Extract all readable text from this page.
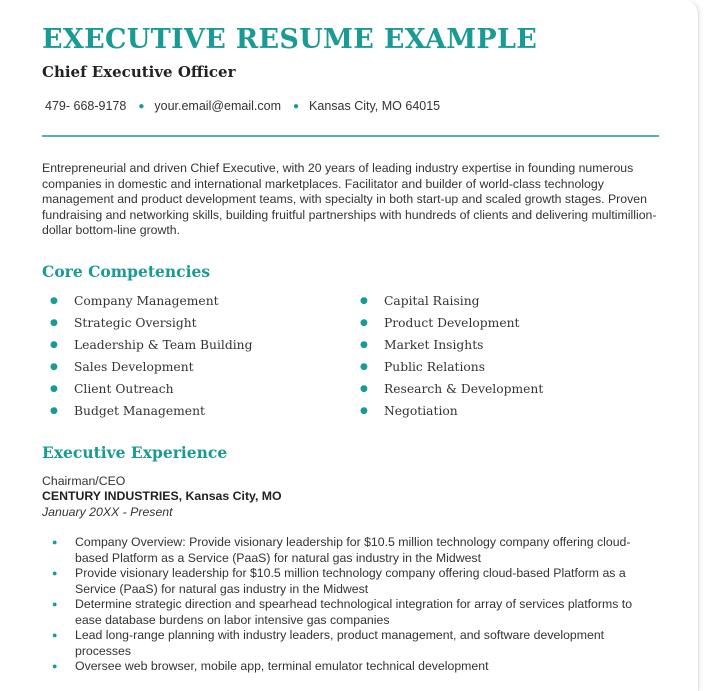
EXECUTIVE RESUME EXAMPLE
Chief Executive Officer
479- 668-9178 ● your.email@email.com ● Kansas City, MO 64015
Entrepreneurial and driven Chief Executive, with 20 years of leading industry expertise in founding numerous companies in domestic and international marketplaces. Facilitator and builder of world-class technology management and product development teams, with specialty in both start-up and scaled growth stages. Proven fundraising and networking skills, building fruitful partnerships with hundreds of clients and delivering multimillion-dollar bottom-line growth.
Core Competencies
●	Company Management
●	Strategic Oversight
●	Leadership & Team Building
●	Sales Development
●	Client Outreach
●	Budget Management
●	Capital Raising
●	Product Development
●	Market Insights
●	Public Relations
●	Research & Development
●	Negotiation
Executive Experience
Chairman/CEO
CENTURY INDUSTRIES, Kansas City, MO
January 20XX - Present
●	Company Overview: Provide visionary leadership for $10.5 million technology company offering cloud-based Platform as a Service (PaaS) for natural gas industry in the Midwest
●	Provide visionary leadership for $10.5 million technology company offering cloud-based Platform as a Service (PaaS) for natural gas industry in the Midwest
●	Determine strategic direction and spearhead technological integration for array of services platforms to ease database burdens on labor intensive gas companies
●	Lead long-range planning with industry leaders, product management, and software development processes
●	Oversee web browser, mobile app, terminal emulator technical development
